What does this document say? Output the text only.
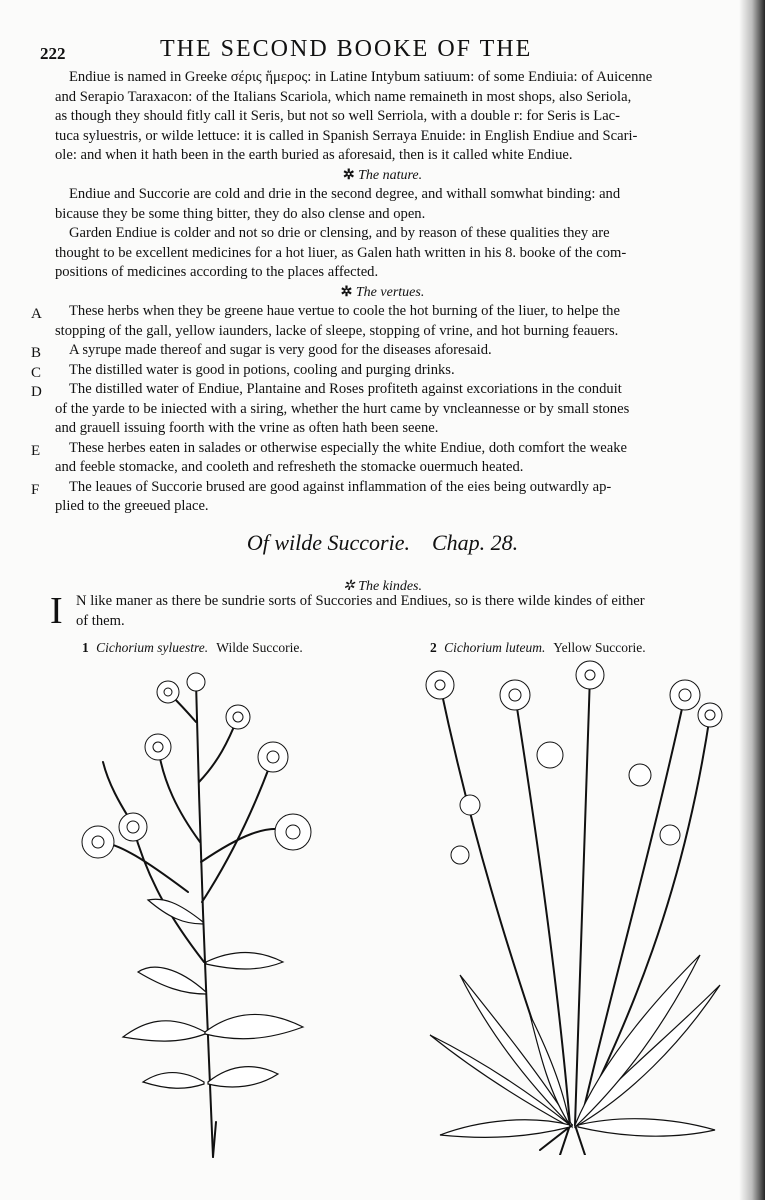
222	THE SECOND BOOKE OF THE
Endiue is named in Greeke σέρις ἥμερος: in Latine Intybum satiuum: of some Endiuia: of Auicenne
and Serapio Taraxacon: of the Italians Scariola, which name remaineth in most shops, also Seriola,
as though they should fitly call it Seris, but not so well Serriola, with a double r: for Seris is Lac-
tuca syluestris, or wilde lettuce: it is called in Spanish Serraya Enuide: in English Endiue and Scari-
ole: and when it hath been in the earth buried as aforesaid, then is it called white Endiue.
✲ The nature.
Endiue and Succorie are cold and drie in the second degree, and withall somwhat binding: and
bicause they be some thing bitter, they do also clense and open.
Garden Endiue is colder and not so drie or clensing, and by reason of these qualities they are
thought to be excellent medicines for a hot liuer, as Galen hath written in his 8. booke of the com-
positions of medicines according to the places affected.
✲ The vertues.
A	These herbs when they be greene haue vertue to coole the hot burning of the liuer, to helpe the
stopping of the gall, yellow iaunders, lacke of sleepe, stopping of vrine, and hot burning feauers.
B	A syrupe made thereof and sugar is very good for the diseases aforesaid.
C	The distilled water is good in potions, cooling and purging drinks.
D	The distilled water of Endiue, Plantaine and Roses profiteth against excoriations in the conduit
of the yarde to be iniected with a siring, whether the hurt came by vncleannesse or by small stones
and grauell issuing foorth with the vrine as often hath been seene.
E	These herbes eaten in salades or otherwise especially the white Endiue, doth comfort the weake
and feeble stomacke, and cooleth and refresheth the stomacke ouermuch heated.
F	The leaues of Succorie brused are good against inflammation of the eies being outwardly ap-
plied to the greeued place.
Of wilde Succorie. Chap. 28.
✲ The kindes.
I N like maner as there be sundrie sorts of Succories and Endiues, so is there wilde kindes of either
of them.
1 Cichorium syluestre. Wilde Succorie.	2 Cichorium luteum. Yellow Succorie.
